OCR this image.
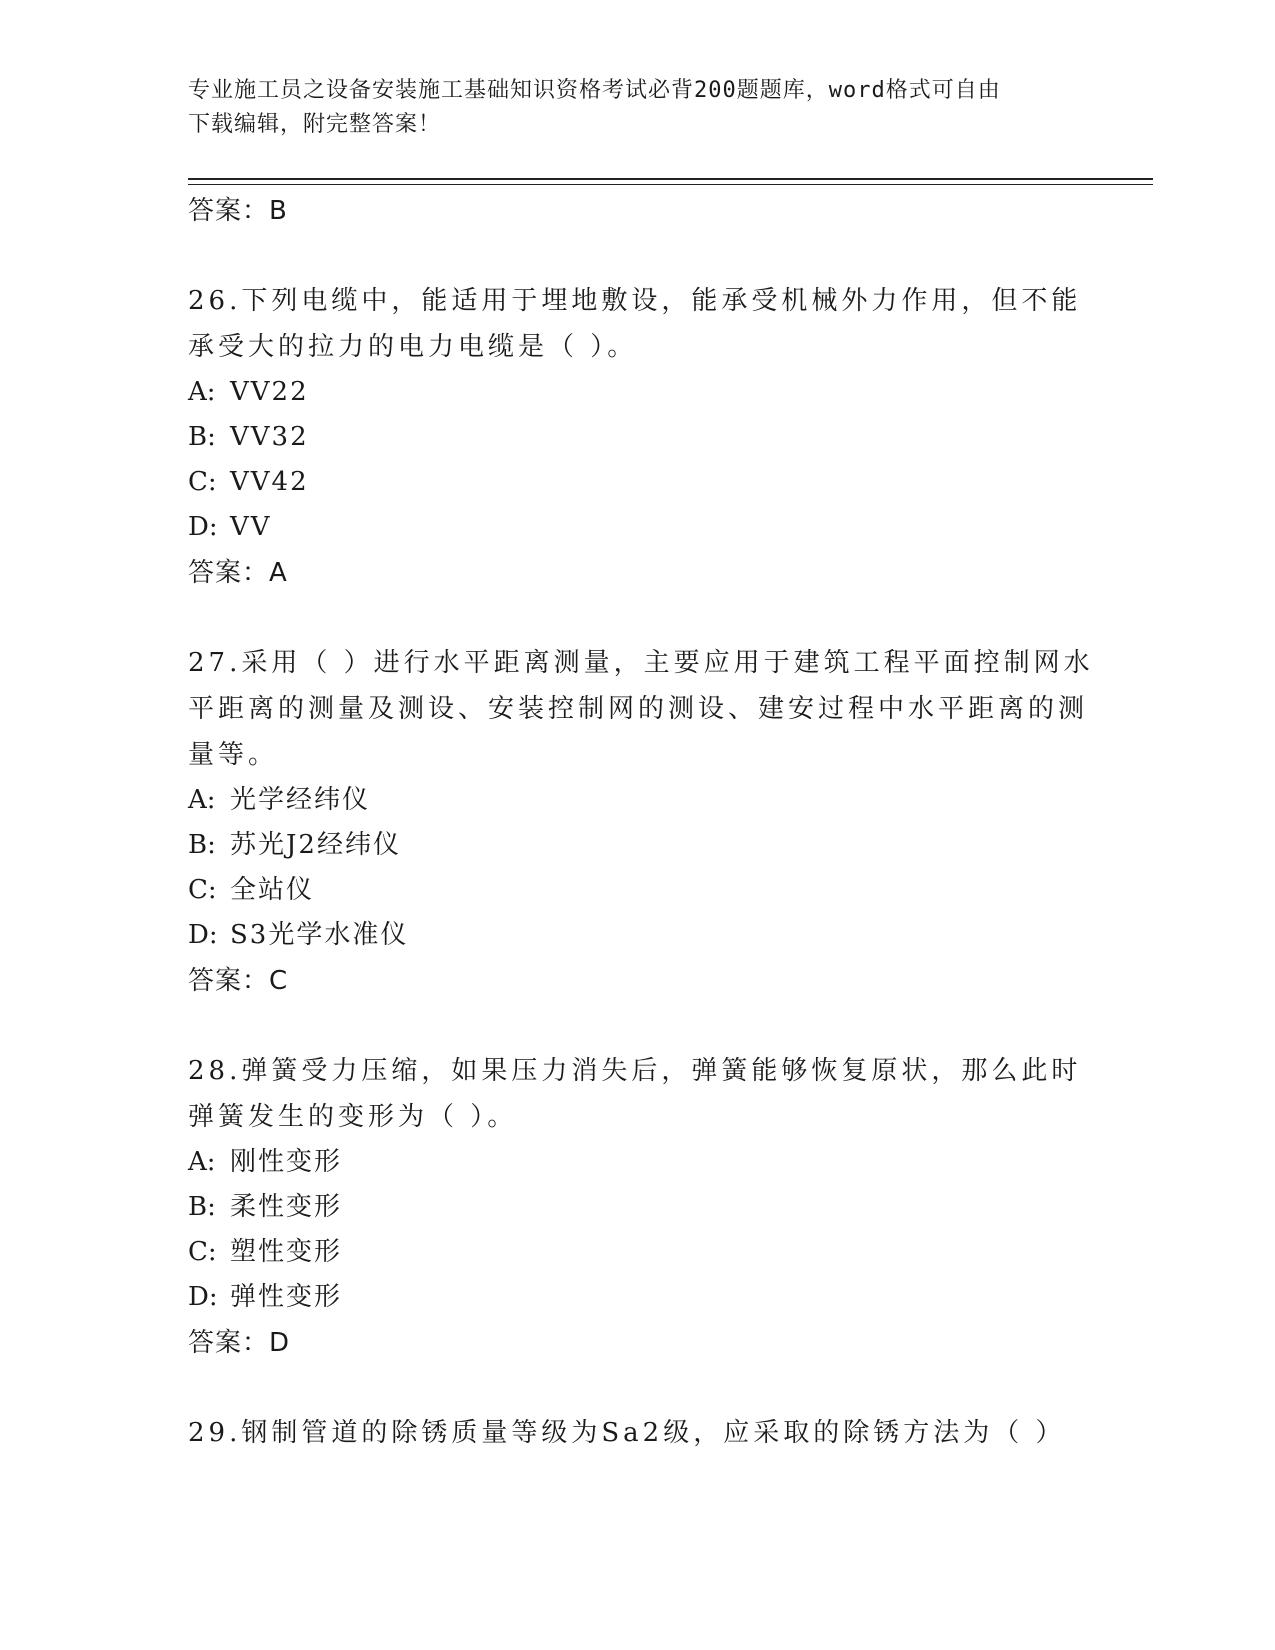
专业施工员之设备安装施工基础知识资格考试必背200题题库，word格式可自由
下载编辑，附完整答案！

答案：B

26.下列电缆中，能适用于埋地敷设，能承受机械外力作用，但不能承受大的拉力的电力电缆是（ ）。

A: VV22

B: VV32

C: VV42

D: VV

答案：A

27.采用（ ）进行水平距离测量，主要应用于建筑工程平面控制网水平距离的测量及测设、安装控制网的测设、建安过程中水平距离的测量等。

A: 光学经纬仪

B: 苏光J2经纬仪

C: 全站仪

D: S3光学水准仪

答案：C

28.弹簧受力压缩，如果压力消失后，弹簧能够恢复原状，那么此时弹簧发生的变形为（ ）。

A: 刚性变形

B: 柔性变形

C: 塑性变形

D: 弹性变形

答案：D

29.钢制管道的除锈质量等级为Sa2级，应采取的除锈方法为（ ）
